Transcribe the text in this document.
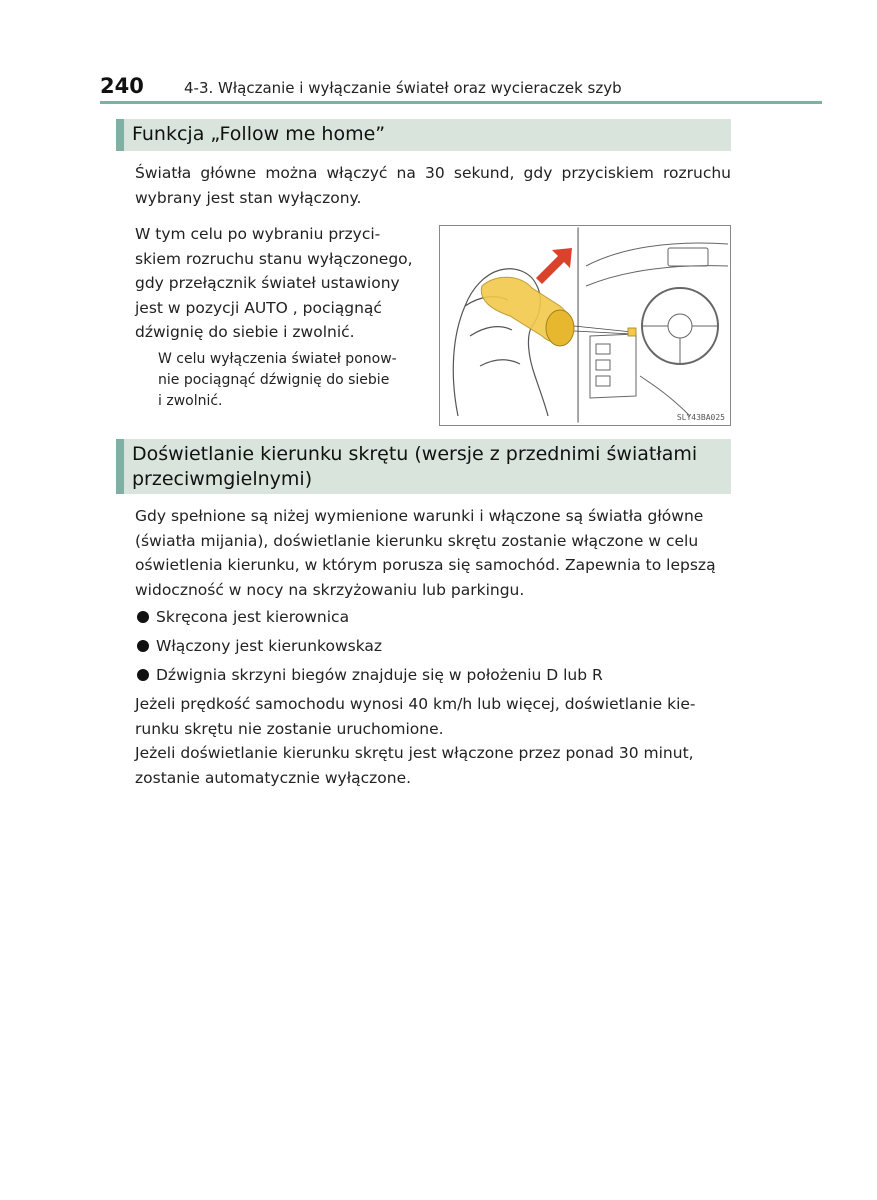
240	4-3. Włączanie i wyłączanie świateł oraz wycieraczek szyb
Funkcja „Follow me home”
Światła główne można włączyć na 30 sekund, gdy przyciskiem rozruchu wybrany jest stan wyłączony.
W tym celu po wybraniu przyci-
skiem rozruchu stanu wyłączonego,
gdy przełącznik świateł ustawiony
jest w pozycji AUTO , pociągnąć
dźwignię do siebie i zwolnić.
W celu wyłączenia świateł ponow-
nie pociągnąć dźwignię do siebie
i zwolnić.
SLY43BA025
Doświetlanie kierunku skrętu (wersje z przednimi światłami
przeciwmgielnymi)
Gdy spełnione są niżej wymienione warunki i włączone są światła główne
(światła mijania), doświetlanie kierunku skrętu zostanie włączone w celu
oświetlenia kierunku, w którym porusza się samochód. Zapewnia to lepszą
widoczność w nocy na skrzyżowaniu lub parkingu.
Skręcona jest kierownica
Włączony jest kierunkowskaz
Dźwignia skrzyni biegów znajduje się w położeniu D lub R
Jeżeli prędkość samochodu wynosi 40 km/h lub więcej, doświetlanie kie-
runku skrętu nie zostanie uruchomione.
Jeżeli doświetlanie kierunku skrętu jest włączone przez ponad 30 minut,
zostanie automatycznie wyłączone.
